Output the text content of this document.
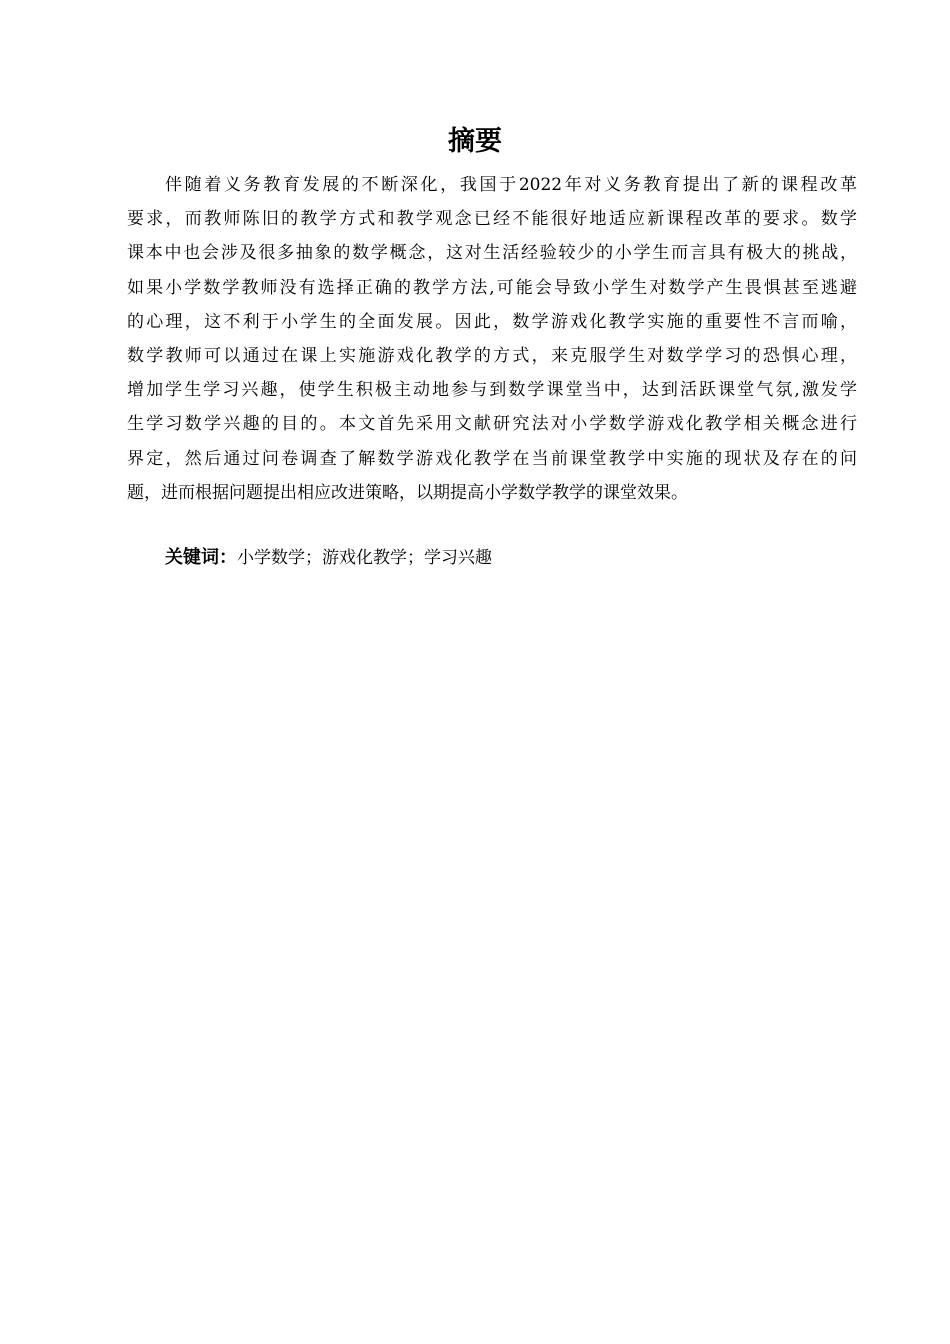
摘要
伴随着义务教育发展的不断深化，我国于2022年对义务教育提出了新的课程改革
要求，而教师陈旧的教学方式和教学观念已经不能很好地适应新课程改革的要求。数学
课本中也会涉及很多抽象的数学概念，这对生活经验较少的小学生而言具有极大的挑战，
如果小学数学教师没有选择正确的教学方法,可能会导致小学生对数学产生畏惧甚至逃避
的心理，这不利于小学生的全面发展。因此，数学游戏化教学实施的重要性不言而喻，
数学教师可以通过在课上实施游戏化教学的方式，来克服学生对数学学习的恐惧心理，
增加学生学习兴趣，使学生积极主动地参与到数学课堂当中，达到活跃课堂气氛,激发学
生学习数学兴趣的目的。本文首先采用文献研究法对小学数学游戏化教学相关概念进行
界定，然后通过问卷调查了解数学游戏化教学在当前课堂教学中实施的现状及存在的问
题，进而根据问题提出相应改进策略，以期提高小学数学教学的课堂效果。

关键词：小学数学；游戏化教学；学习兴趣
